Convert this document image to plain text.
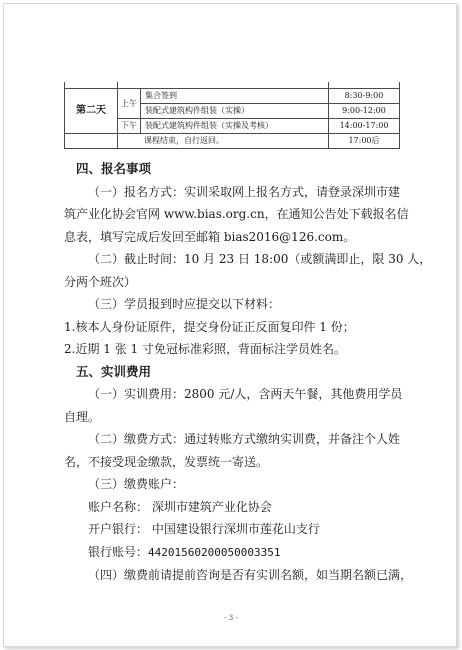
第二天	上午	集合签到	8:30-9:00
		装配式建筑构件组装（实操）	9:00-12:00
	下午	装配式建筑构件组装（实操及考核）	14:00-17:00
	课程结束，自行返回。		17:00后

四、报名事项

（一）报名方式：实训采取网上报名方式，请登录深圳市建

筑产业化协会官网 www.bias.org.cn，在通知公告处下载报名信

息表，填写完成后发回至邮箱 bias2016@126.com。

（二）截止时间：10 月 23 日 18:00（或额满即止，限 30 人，

分两个班次）

（三）学员报到时应提交以下材料：

1.核本人身份证原件，提交身份证正反面复印件 1 份；

2.近期 1 张 1 寸免冠标准彩照，背面标注学员姓名。

五、实训费用

（一）实训费用：2800 元/人，含两天午餐，其他费用学员

自理。

（二）缴费方式：通过转账方式缴纳实训费，并备注个人姓

名，不接受现金缴款，发票统一寄送。

（三）缴费账户：

账户名称： 深圳市建筑产业化协会

开户银行： 中国建设银行深圳市莲花山支行

银行账号：44201560200050003351

（四）缴费前请提前咨询是否有实训名额，如当期名额已满，

- 3 -
